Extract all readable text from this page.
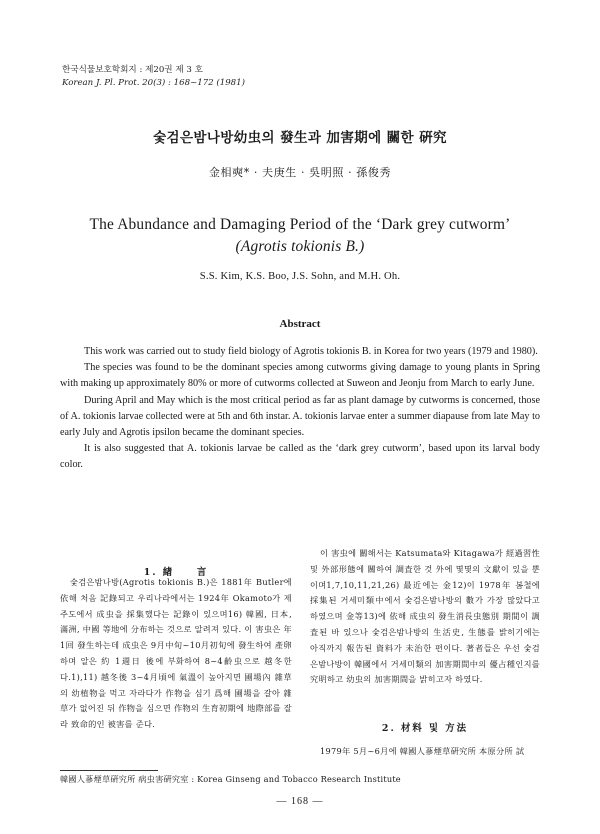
한국식물보호학회지 : 제20권 제 3 호
Korean J. Pl. Prot. 20(3) : 168~172 (1981)
숯검은밤나방幼虫의 發生과 加害期에 關한 硏究
金相奭* · 夫庚生 · 吳明照 · 孫俊秀
The Abundance and Damaging Period of the ‘Dark grey cutworm’
(Agrotis tokionis B.)
S.S. Kim, K.S. Boo, J.S. Sohn, and M.H. Oh.
Abstract

This work was carried out to study field biology of Agrotis tokionis B. in Korea for two years (1979 and 1980).

The species was found to be the dominant species among cutworms giving damage to young plants in Spring with making up approximately 80% or more of cutworms collected at Suweon and Jeonju from March to early June.

During April and May which is the most critical period as far as plant damage by cutworms is concerned, those of A. tokionis larvae collected were at 5th and 6th instar. A. tokionis larvae enter a summer diapause from late May to early July and Agrotis ipsilon became the dominant species.

It is also suggested that A. tokionis larvae be called as the ‘dark grey cutworm’, based upon its larval body color.

1. 緖　　言

숯검은밤나방(Agrotis tokionis B.)은 1881年 Butler에 依해 처음 記錄되고 우리나라에서는 1924年 Okamoto가 제주도에서 成虫을 採集했다는 記錄이 있으며16) 韓國, 日本, 滿洲, 中國 等地에 分布하는 것으로 알려져 있다. 이 害虫은 年 1回 發生하는데 成虫은 9月中旬~10月初旬에 發生하여 產卵하며 알은 約 1週日 後에 부화하여 8~4齡虫으로 越冬한다.1),11) 越冬後 3~4月頃에 氣溫이 높아지면 圃場內 雜草의 幼植物을 먹고 자라다가 作物을 심기 爲해 圃場을 갈아 雜草가 없어진 뒤 作物을 심으면 作物의 生育初期에 地際部를 잘라 致命的인 被害를 준다.

이 害虫에 關해서는 Katsumata와 Kitagawa가 經過習性 및 外部形態에 關하여 調査한 것 外에 몇몇의 文獻이 있을 뿐이며1,7,10,11,21,26) 最近에는 金12)이 1978年 봄철에 採集된 거세미類中에서 숯검은밤나방의 數가 가장 많았다고 하였으며 金等13)에 依해 成虫의 發生消長虫態別 期間이 調査된 바 있으나 숯검은밤나방의 生活史, 生態를 밝히기에는 아직까지 報告된 資料가 未治한 편이다. 著者들은 우선 숯검은밤나방이 韓國에서 거세미類의 加害期間中의 優占種인지를 究明하고 幼虫의 加害期間을 밝히고자 하였다.

2. 材料 및 方法

1979年 5月~6月에 韓國人蔘煙草硏究所 本原分所 試

韓國人蔘煙草硏究所 病虫害硏究室 : Korea Ginseng and Tobacco Research Institute
— 168 —
